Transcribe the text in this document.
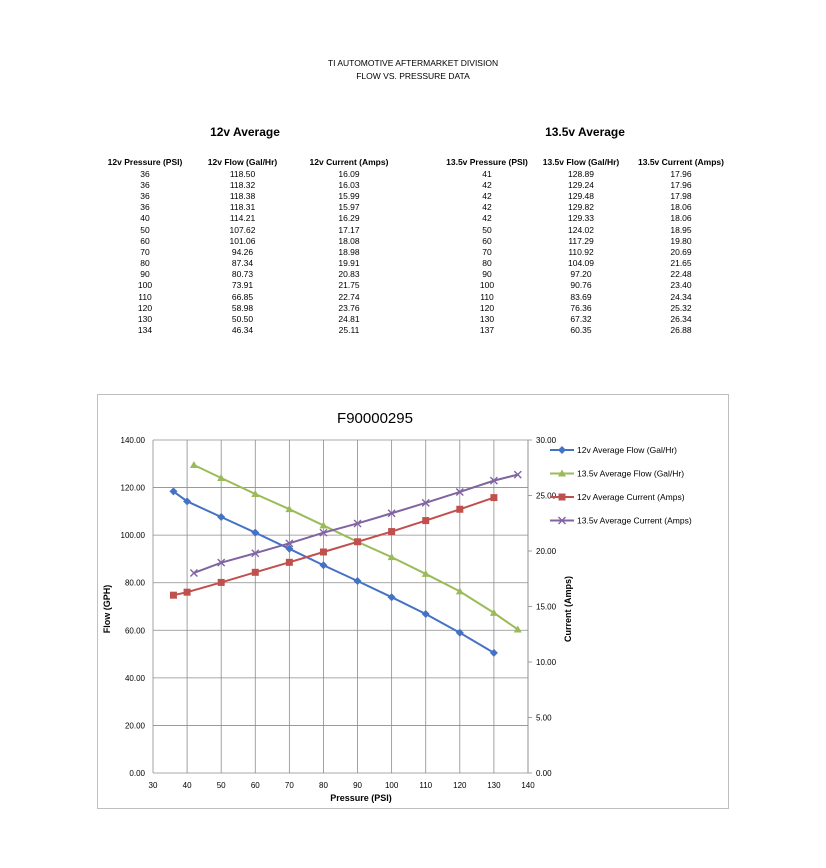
TI AUTOMOTIVE AFTERMARKET DIVISION
FLOW VS. PRESSURE DATA
12v Average	13.5v Average
12v Pressure (PSI)	12v Flow (Gal/Hr)	12v Current (Amps)
36	118.50	16.09
36	118.32	16.03
36	118.38	15.99
36	118.31	15.97
40	114.21	16.29
50	107.62	17.17
60	101.06	18.08
70	94.26	18.98
80	87.34	19.91
90	80.73	20.83
100	73.91	21.75
110	66.85	22.74
120	58.98	23.76
130	50.50	24.81
134	46.34	25.11
13.5v Pressure (PSI)	13.5v Flow (Gal/Hr)	13.5v Current (Amps)
41	128.89	17.96
42	129.24	17.96
42	129.48	17.98
42	129.82	18.06
42	129.33	18.06
50	124.02	18.95
60	117.29	19.80
70	110.92	20.69
80	104.09	21.65
90	97.20	22.48
100	90.76	23.40
110	83.69	24.34
120	76.36	25.32
130	67.32	26.34
137	60.35	26.88
F90000295
30	40	50	60	70	80	90	100	110	120	130	140
0.00
20.00
40.00
60.00
80.00
100.00
120.00
140.00
0.00
5.00
10.00
15.00
20.00
25.00
30.00
12v Average Flow (Gal/Hr)
13.5v Average Flow (Gal/Hr)
12v Average Current (Amps)
13.5v Average Current (Amps)
Pressure (PSI)
Flow (GPH)	Current (Amps)
